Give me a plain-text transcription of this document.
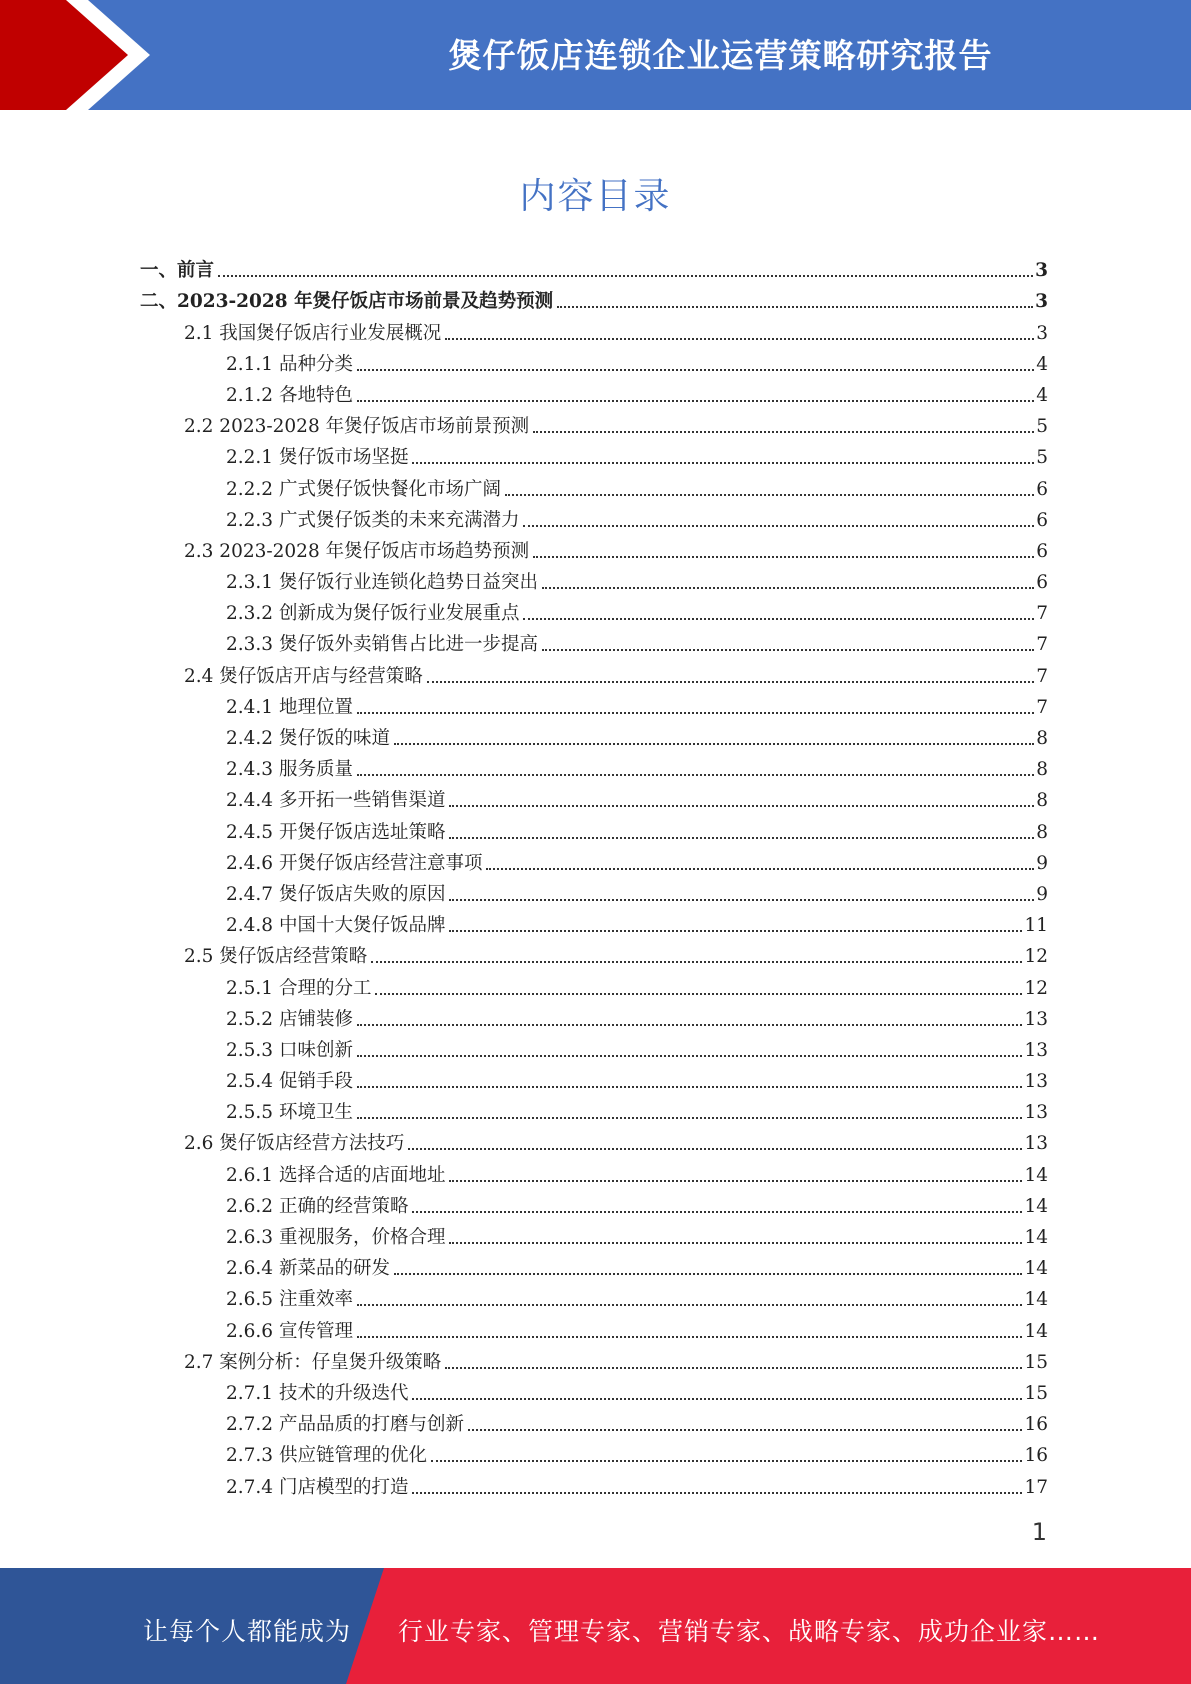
煲仔饭店连锁企业运营策略研究报告
内容目录
一、前言	3
二、2023-2028 年煲仔饭店市场前景及趋势预测	3
2.1 我国煲仔饭店行业发展概况	3
2.1.1 品种分类	4
2.1.2 各地特色	4
2.2 2023-2028 年煲仔饭店市场前景预测	5
2.2.1 煲仔饭市场坚挺	5
2.2.2 广式煲仔饭快餐化市场广阔	6
2.2.3 广式煲仔饭类的未来充满潜力	6
2.3 2023-2028 年煲仔饭店市场趋势预测	6
2.3.1 煲仔饭行业连锁化趋势日益突出	6
2.3.2 创新成为煲仔饭行业发展重点	7
2.3.3 煲仔饭外卖销售占比进一步提高	7
2.4 煲仔饭店开店与经营策略	7
2.4.1 地理位置	7
2.4.2 煲仔饭的味道	8
2.4.3 服务质量	8
2.4.4 多开拓一些销售渠道	8
2.4.5 开煲仔饭店选址策略	8
2.4.6 开煲仔饭店经营注意事项	9
2.4.7 煲仔饭店失败的原因	9
2.4.8 中国十大煲仔饭品牌	11
2.5 煲仔饭店经营策略	12
2.5.1 合理的分工	12
2.5.2 店铺装修	13
2.5.3 口味创新	13
2.5.4 促销手段	13
2.5.5 环境卫生	13
2.6 煲仔饭店经营方法技巧	13
2.6.1 选择合适的店面地址	14
2.6.2 正确的经营策略	14
2.6.3 重视服务，价格合理	14
2.6.4 新菜品的研发	14
2.6.5 注重效率	14
2.6.6 宣传管理	14
2.7 案例分析：仔皇煲升级策略	15
2.7.1 技术的升级迭代	15
2.7.2 产品品质的打磨与创新	16
2.7.3 供应链管理的优化	16
2.7.4 门店模型的打造	17
1
让每个人都能成为 行业专家、管理专家、营销专家、战略专家、成功企业家……
